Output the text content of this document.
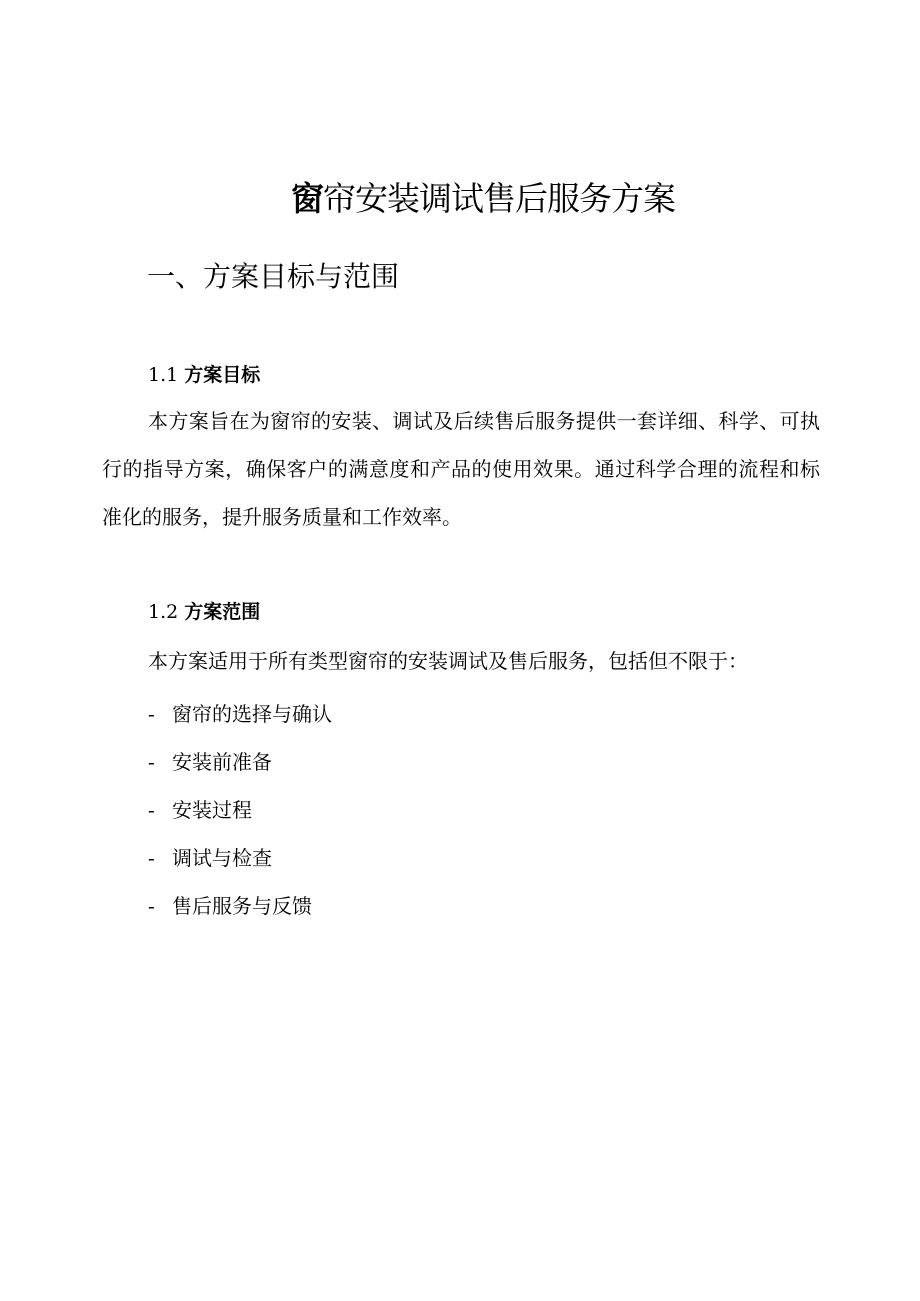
窗帘安装调试售后服务方案
一、方案目标与范围
1.1 方案目标

本方案旨在为窗帘的安装、调试及后续售后服务提供一套详细、科学、可执行的指导方案，确保客户的满意度和产品的使用效果。通过科学合理的流程和标准化的服务，提升服务质量和工作效率。

1.2 方案范围

本方案适用于所有类型窗帘的安装调试及售后服务，包括但不限于：

- 窗帘的选择与确认
- 安装前准备
- 安装过程
- 调试与检查
- 售后服务与反馈
